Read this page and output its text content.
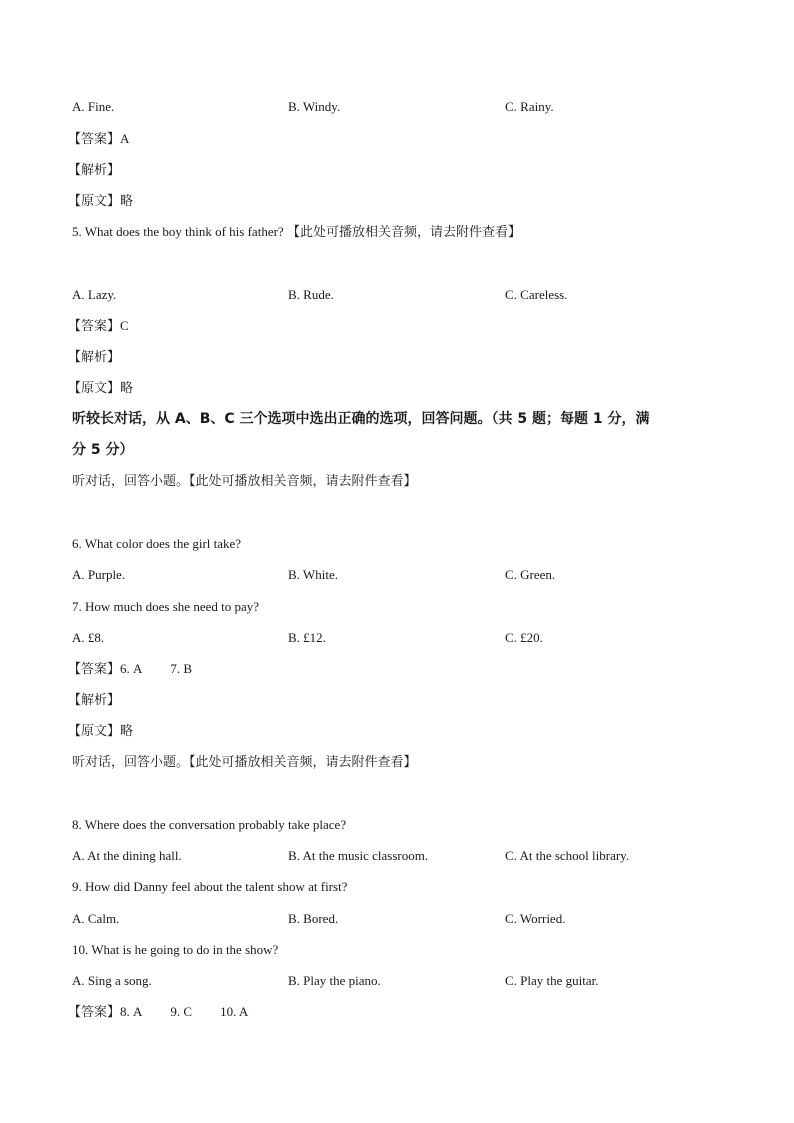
A. Fine.	B. Windy.	C. Rainy.
【答案】A
【解析】
【原文】略
5. What does the boy think of his father? 【此处可播放相关音频，请去附件查看】
A. Lazy.	B. Rude.	C. Careless.
【答案】C
【解析】
【原文】略
听较长对话，从 A、B、C 三个选项中选出正确的选项，回答问题。（共 5 题；每题 1 分，满
分 5 分）
听对话，回答小题。【此处可播放相关音频，请去附件查看】
6. What color does the girl take?
A. Purple.	B. White.	C. Green.
7. How much does she need to pay?
A. £8.	B. £12.	C. £20.
【答案】6. A 7. B
【解析】
【原文】略
听对话，回答小题。【此处可播放相关音频，请去附件查看】
8. Where does the conversation probably take place?
A. At the dining hall.	B. At the music classroom.	C. At the school library.
9. How did Danny feel about the talent show at first?
A. Calm.	B. Bored.	C. Worried.
10. What is he going to do in the show?
A. Sing a song.	B. Play the piano.	C. Play the guitar.
【答案】8. A 9. C 10. A
